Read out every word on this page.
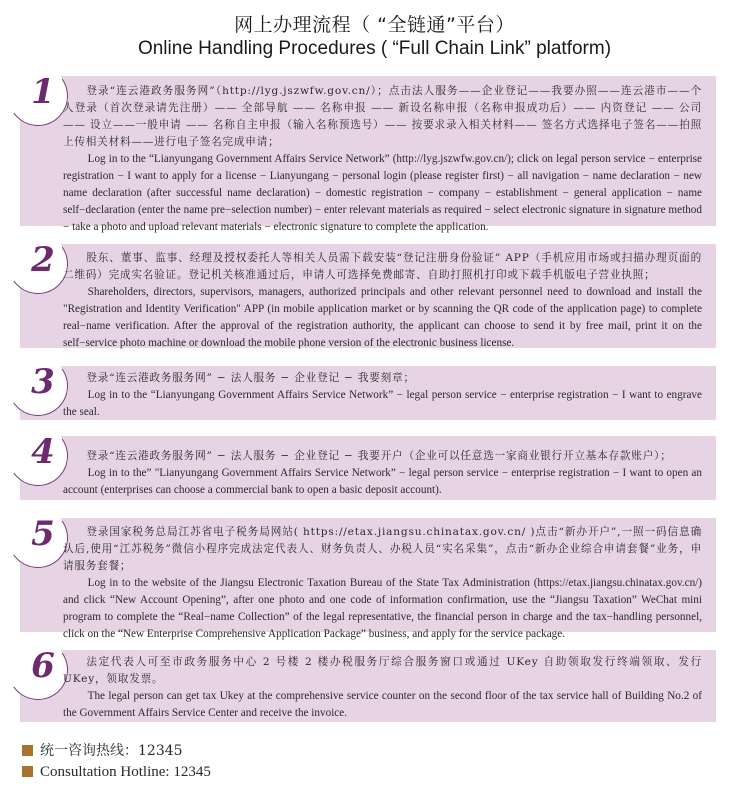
网上办理流程（ “全链通”平台）
Online Handling Procedures ( “Full Chain Link” platform)
1	登录“连云港政务服务网”（http://lyg.jszwfw.gov.cn/）；点击法人服务——企业登记——我要办照——连云港市——个人登录（首次登录请先注册）—— 全部导航 —— 名称申报 —— 新设名称申报（名称申报成功后）—— 内资登记 —— 公司—— 设立——一般申请 —— 名称自主申报（输入名称预选号）—— 按要求录入相关材料—— 签名方式选择电子签名——拍照上传相关材料——进行电子签名完成申请；

Log in to the “Lianyungang Government Affairs Service Network” (http://lyg.jszwfw.gov.cn/); click on legal person service − enterprise registration − I want to apply for a license − Lianyungang − personal login (please register first) − all navigation − name declaration − new name declaration (after successful name declaration) − domestic registration − company − establishment − general application − name self−declaration (enter the name pre−selection number) − enter relevant materials as required − select electronic signature in signature method − take a photo and upload relevant materials − electronic signature to complete the application.

2	股东、董事、监事、经理及授权委托人等相关人员需下载安装“登记注册身份验证” APP（手机应用市场或扫描办理页面的二维码）完成实名验证。登记机关核准通过后，申请人可选择免费邮寄、自助打照机打印或下载手机版电子营业执照；

Shareholders, directors, supervisors, managers, authorized principals and other relevant personnel need to download and install the "Registration and Identity Verification" APP (in mobile application market or by scanning the QR code of the application page) to complete real−name verification. After the approval of the registration authority, the applicant can choose to send it by free mail, print it on the self−service photo machine or download the mobile phone version of the electronic business license.

3	登录“连云港政务服务网” − 法人服务 − 企业登记 − 我要刻章；

Log in to the “Lianyungang Government Affairs Service Network” − legal person service − enterprise registration − I want to engrave the seal.

4	登录“连云港政务服务网” − 法人服务 − 企业登记 − 我要开户（企业可以任意选一家商业银行开立基本存款账户）；

Log in to the” "Lianyungang Government Affairs Service Network” − legal person service − enterprise registration − I want to open an account (enterprises can choose a commercial bank to open a basic deposit account).

5	登录国家税务总局江苏省电子税务局网站( https://etax.jiangsu.chinatax.gov.cn/ )点击“新办开户”,一照一码信息确认后,使用“江苏税务”微信小程序完成法定代表人、财务负责人、办税人员“实名采集”，点击“新办企业综合申请套餐”业务，申请服务套餐；

Log in to the website of the Jiangsu Electronic Taxation Bureau of the State Tax Administration (https://etax.jiangsu.chinatax.gov.cn/) and click “New Account Opening”, after one photo and one code of information confirmation, use the “Jiangsu Taxation” WeChat mini program to complete the “Real−name Collection” of the legal representative, the financial person in charge and the tax−handling personnel, click on the “New Enterprise Comprehensive Application Package” business, and apply for the service package.

6	法定代表人可至市政务服务中心 2 号楼 2 楼办税服务厅综合服务窗口或通过 UKey 自助领取发行终端领取、发行 UKey，领取发票。

The legal person can get tax Ukey at the comprehensive service counter on the second floor of the tax service hall of Building No.2 of the Government Affairs Service Center and receive the invoice.

统一咨询热线：12345
Consultation Hotline: 12345
